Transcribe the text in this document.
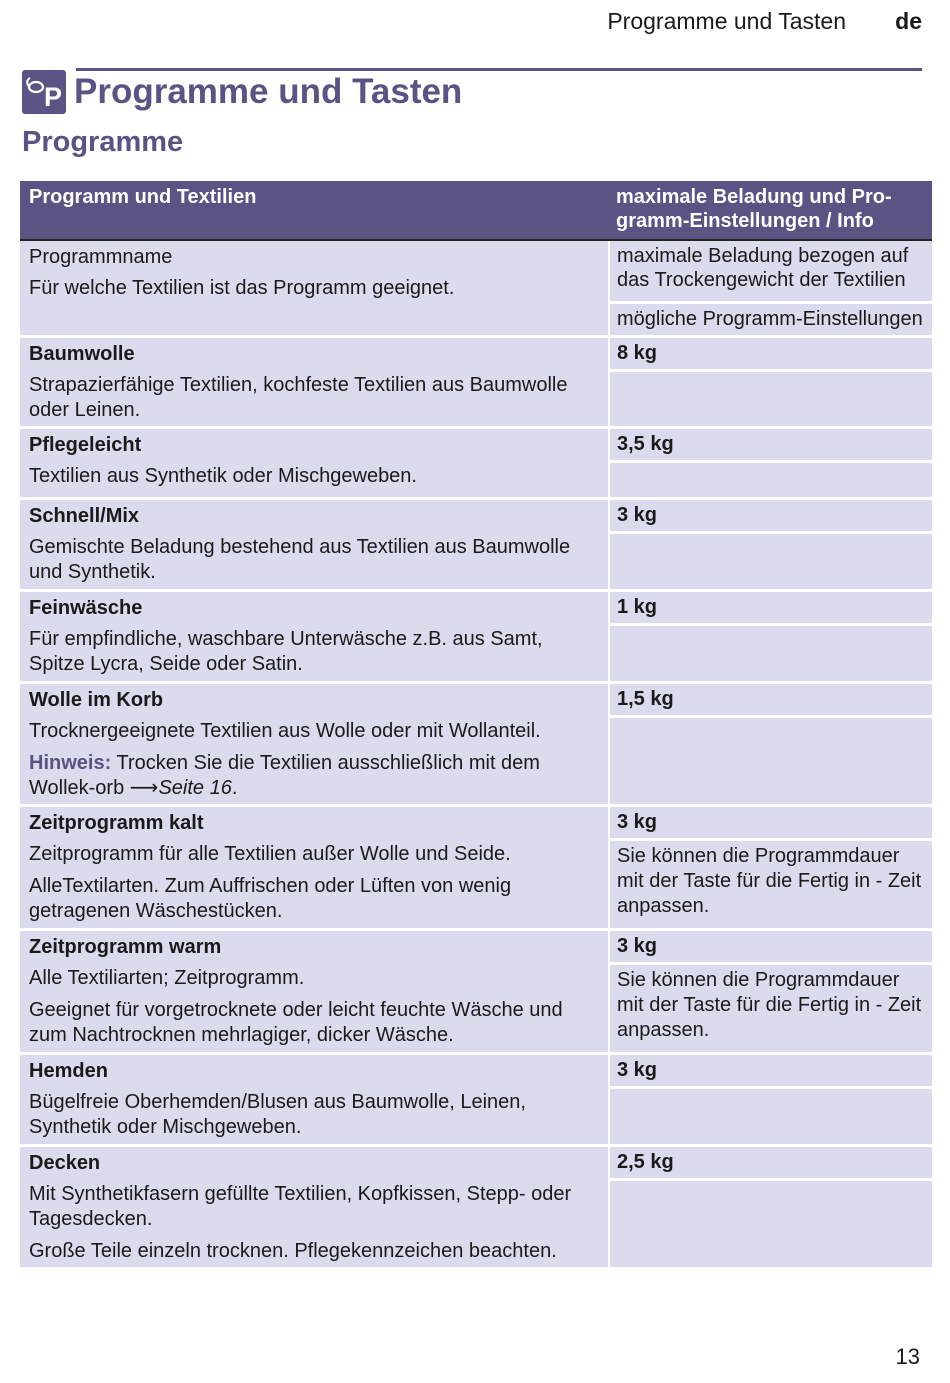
Programme und Tasten de
P Programme und Tasten
Programme
Programm und Textilien	maximale Beladung und Pro-
gramm-Einstellungen / Info
Programmname
Für welche Textilien ist das Programm geeignet.
maximale Beladung bezogen auf
das Trockengewicht der Textilien
mögliche Programm-Einstellungen
Baumwolle
Strapazierfähige Textilien, kochfeste Textilien aus Baumwolle oder Leinen.
8 kg
Pflegeleicht
Textilien aus Synthetik oder Mischgeweben.
3,5 kg
Schnell/Mix
Gemischte Beladung bestehend aus Textilien aus Baumwolle und Synthetik.
3 kg
Feinwäsche
Für empfindliche, waschbare Unterwäsche z.B. aus Samt, Spitze Lycra, Seide oder Satin.
1 kg
Wolle im Korb
Trocknergeeignete Textilien aus Wolle oder mit Wollanteil.
Hinweis: Trocken Sie die Textilien ausschließlich mit dem Wollek-orb ⟶Seite 16.
1,5 kg
Zeitprogramm kalt
Zeitprogramm für alle Textilien außer Wolle und Seide.
AlleTextilarten. Zum Auffrischen oder Lüften von wenig getragenen Wäschestücken.
3 kg
Sie können die Programmdauer mit der Taste für die Fertig in - Zeit anpassen.
Zeitprogramm warm
Alle Textiliarten; Zeitprogramm.
Geeignet für vorgetrocknete oder leicht feuchte Wäsche und zum Nachtrocknen mehrlagiger, dicker Wäsche.
3 kg
Sie können die Programmdauer mit der Taste für die Fertig in - Zeit anpassen.
Hemden
Bügelfreie Oberhemden/Blusen aus Baumwolle, Leinen, Synthetik oder Mischgeweben.
3 kg
Decken
Mit Synthetikfasern gefüllte Textilien, Kopfkissen, Stepp- oder Tagesdecken.
Große Teile einzeln trocknen. Pflegekennzeichen beachten.
2,5 kg
13
